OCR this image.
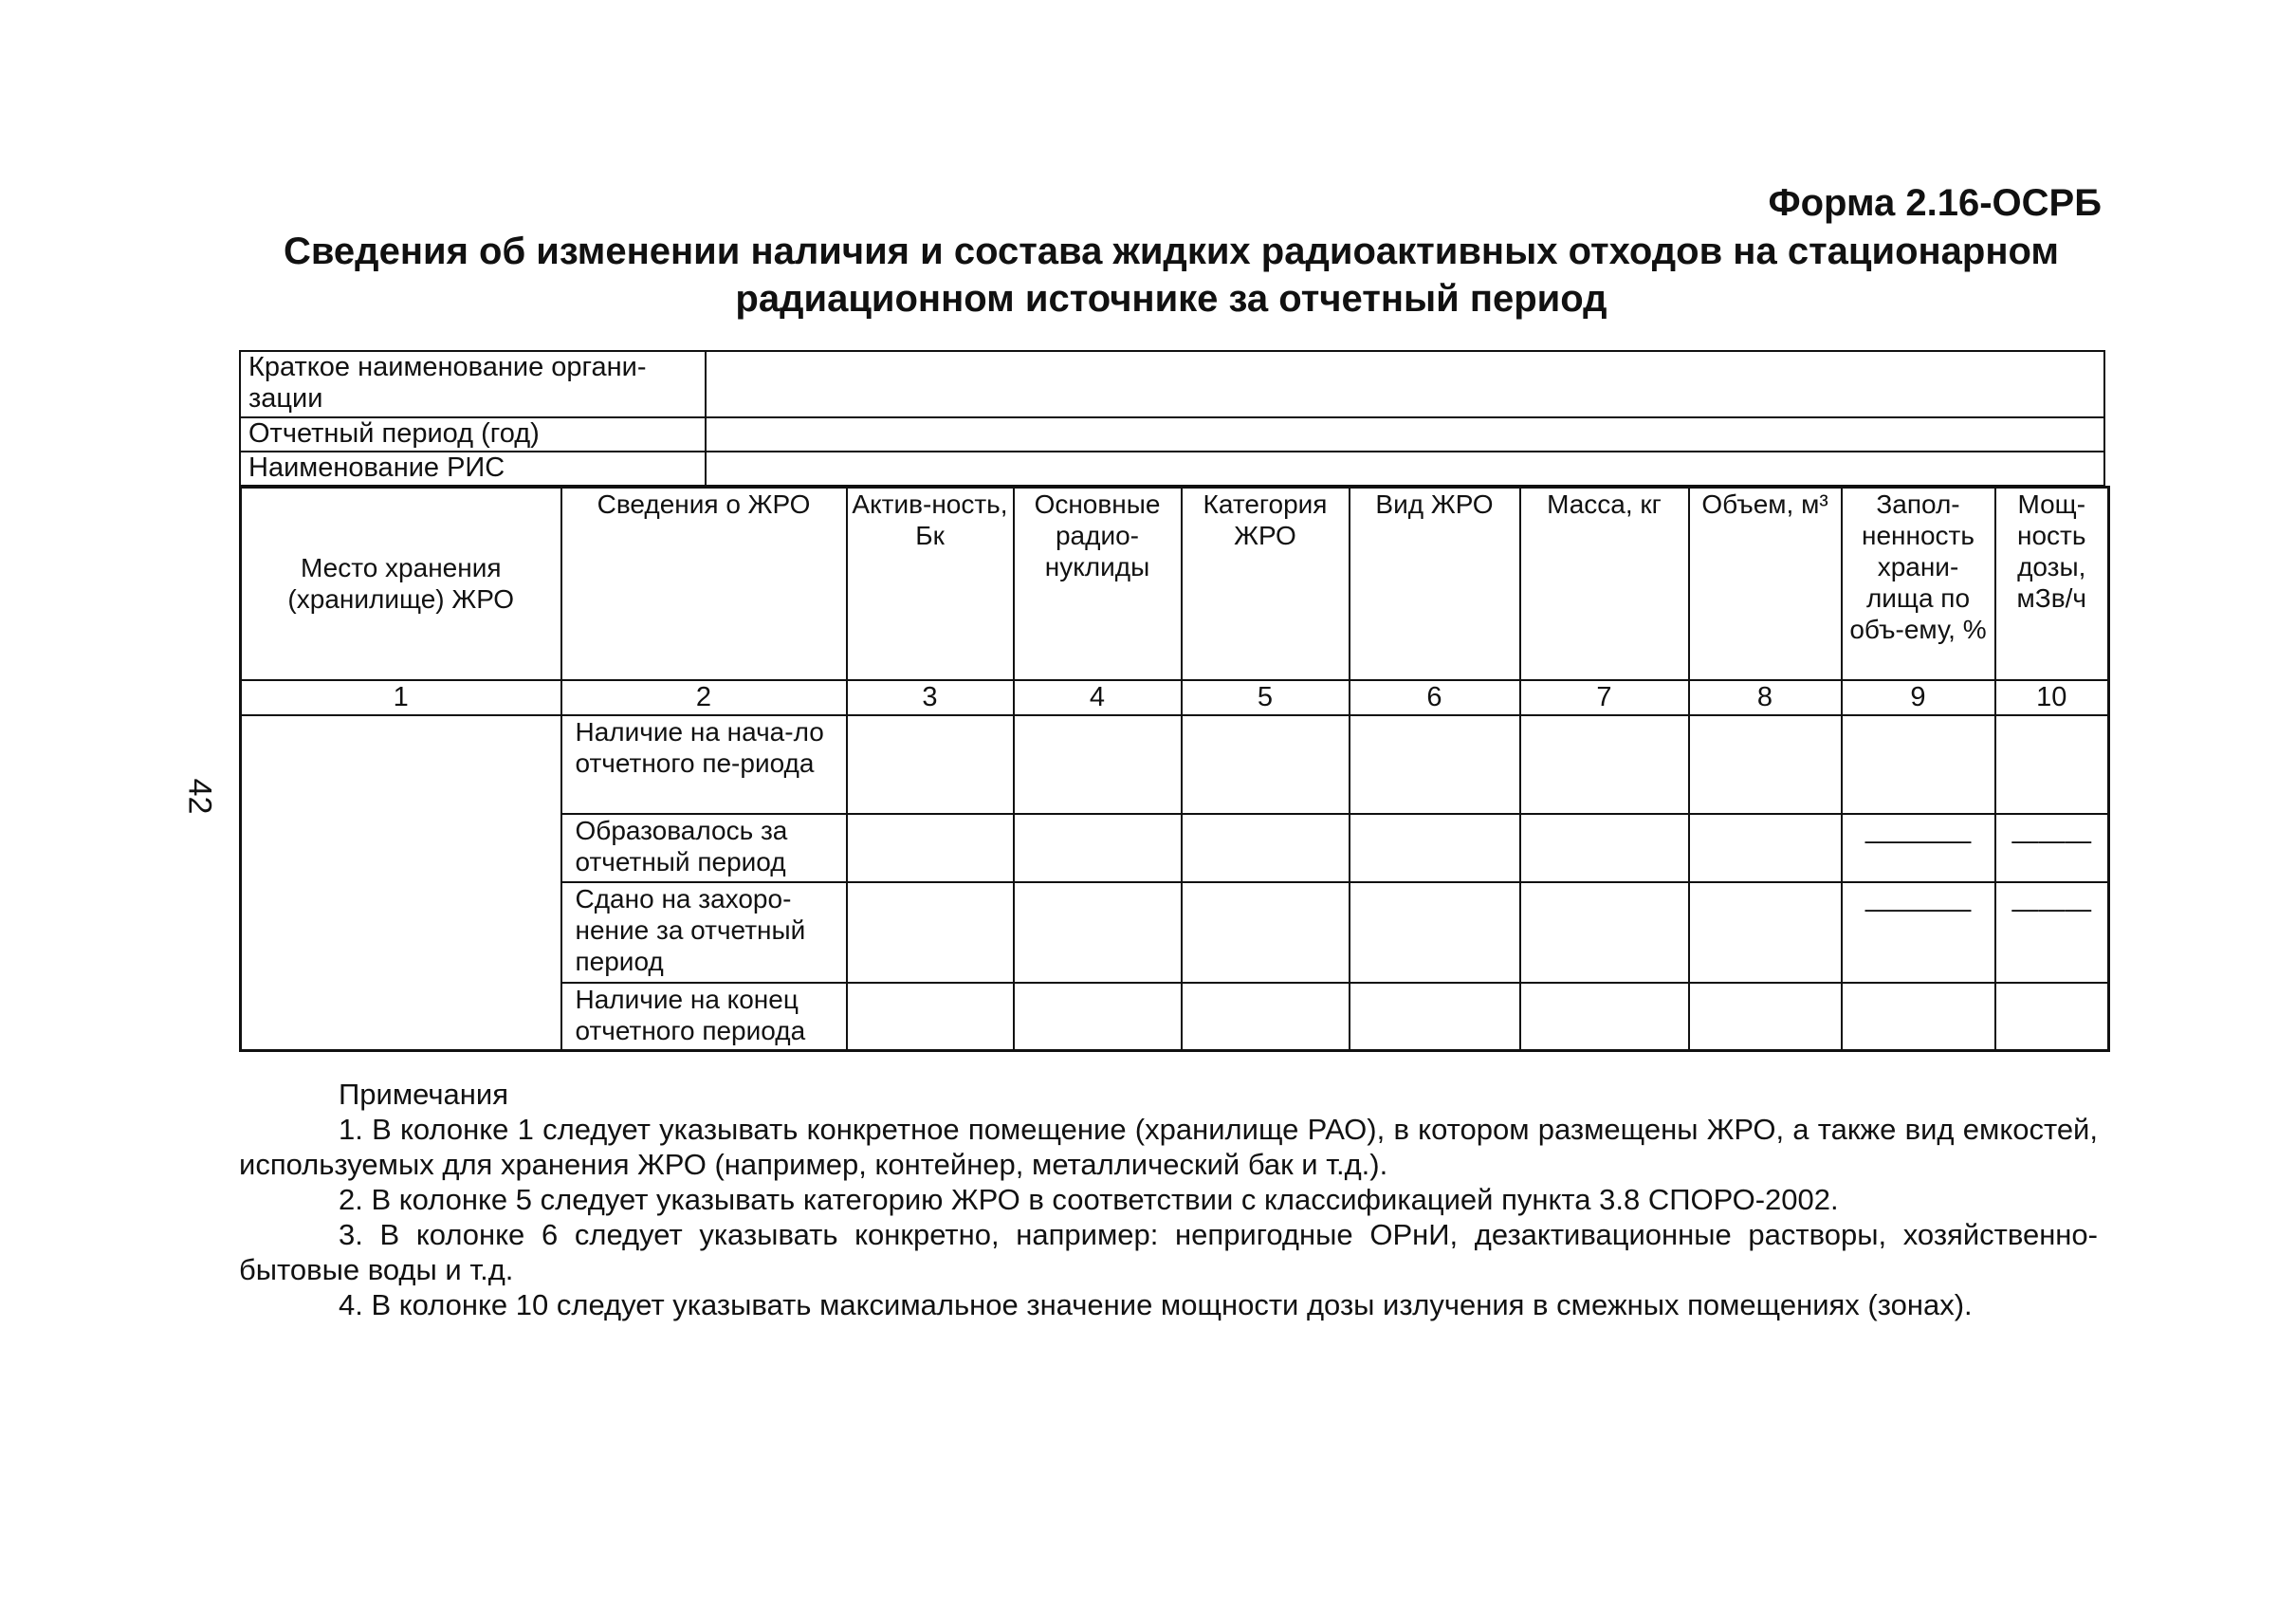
Форма 2.16-ОСРБ
Сведения об изменении наличия и состава жидких радиоактивных отходов на стационарном радиационном источнике за отчетный период
42
Краткое наименование органи-зации	
Отчетный период (год)	
Наименование РИС	
Место хранения (хранилище) ЖРО	Сведения о ЖРО	Актив-ность, Бк	Основные радио-нуклиды	Категория ЖРО	Вид ЖРО	Масса, кг	Объем, м³	Запол-ненность храни-лища по объ-ему, %	Мощ-ность дозы, мЗв/ч
1	2	3	4	5	6	7	8	9	10
	Наличие на нача-ло отчетного пе-риода								
	Образовалось за отчетный период							————	———
	Сдано на захоро-нение за отчетный период							————	———
	Наличие на конец отчетного периода								

Примечания

1. В колонке 1 следует указывать конкретное помещение (хранилище РАО), в котором размещены ЖРО, а также вид емкостей, используемых для хранения ЖРО (например, контейнер, металлический бак и т.д.).

2. В колонке 5 следует указывать категорию ЖРО в соответствии с классификацией пункта 3.8 СПОРО-2002.

3. В колонке 6 следует указывать конкретно, например: непригодные ОРнИ, дезактивационные растворы, хозяйственно-бытовые воды и т.д.

4. В колонке 10 следует указывать максимальное значение мощности дозы излучения в смежных помещениях (зонах).
